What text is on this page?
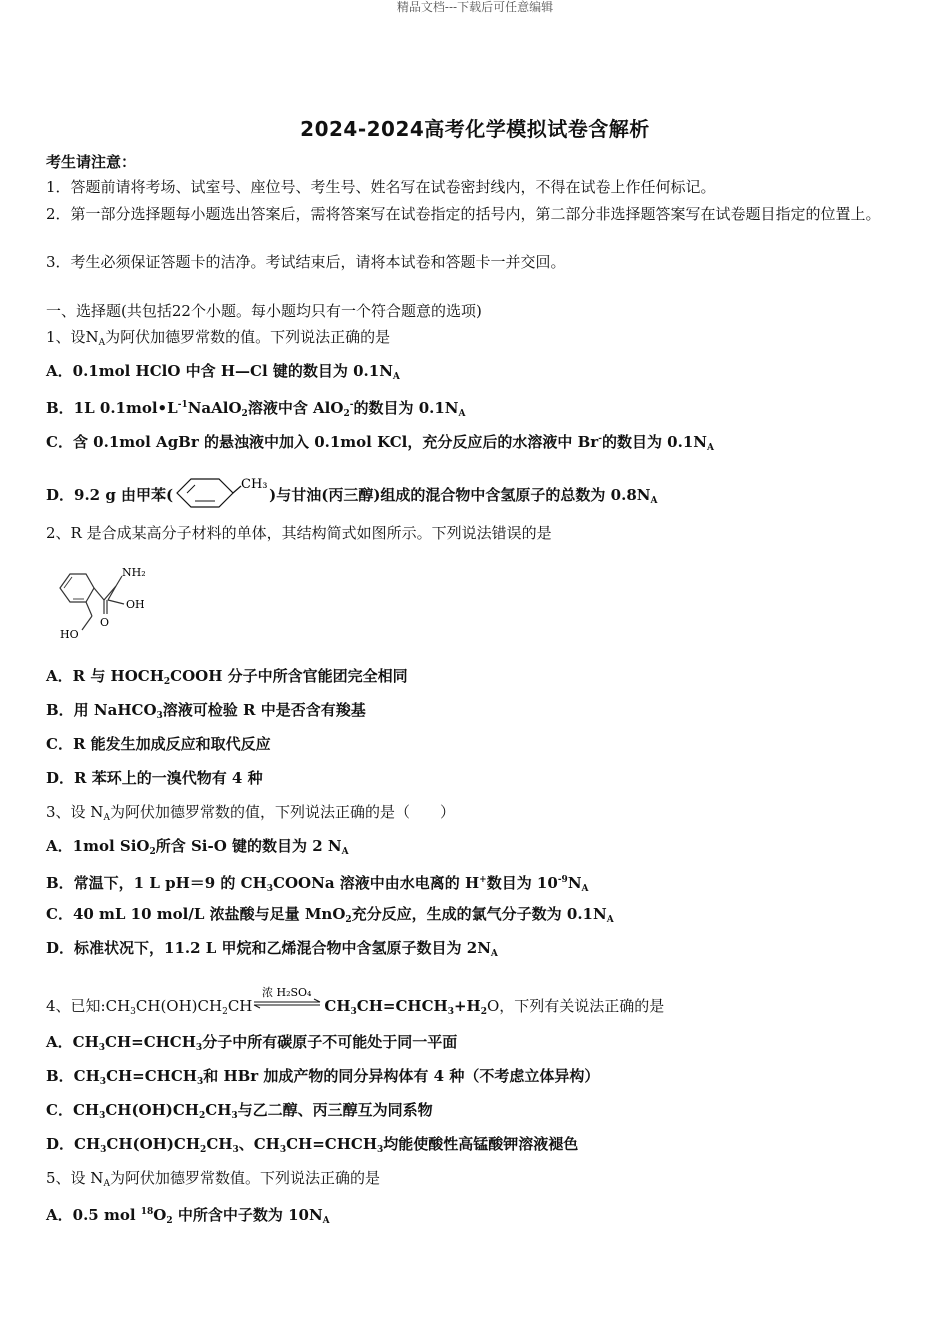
精品文档---下载后可任意编辑
2024-2024高考化学模拟试卷含解析
考生请注意：
1．答题前请将考场、试室号、座位号、考生号、姓名写在试卷密封线内，不得在试卷上作任何标记。
2．第一部分选择题每小题选出答案后，需将答案写在试卷指定的括号内，第二部分非选择题答案写在试卷题目指定的位置上。
3．考生必须保证答题卡的洁净。考试结束后，请将本试卷和答题卡一并交回。
一、选择题(共包括22个小题。每小题均只有一个符合题意的选项)
1、设$N_A$为阿伏加德罗常数的值。下列说法正确的是
A．0.1mol HClO 中含 H—Cl 键的数目为 $0.1N_A$
B．1L $0.1mol•L^{-1}NaAlO_2$溶液中含 AlO$_2$-的数目为 $0.1N_A$
C．含 0.1mol AgBr 的悬浊液中加入 0.1mol KCl，充分反应后的水溶液中 Br-的数目为 $0.1N_A$
D．9.2 g 由甲苯(
CH₃
)与甘油(丙三醇)组成的混合物中含氢原子的总数为 $0.8N_A$
2、R 是合成某高分子材料的单体，其结构简式如图所示。下列说法错误的是
NH₂
OH
O
HO
A．R 与 $HOCH_2COOH$ 分子中所含官能团完全相同
B．用 NaHCO$_3$溶液可检验 R 中是否含有羧基
C．R 能发生加成反应和取代反应
D．R 苯环上的一溴代物有 4 种
3、设 $N_A$为阿伏加德罗常数的值，下列说法正确的是（　　）
A．1mol SiO$_2$所含 Si-O 键的数目为 2 $N_A$
B．常温下，1 L pH＝9 的 $CH_3COONa$ 溶液中由水电离的 H+数目为 $10^{-9}N_A$
C．40 mL 10 mol/L 浓盐酸与足量 MnO$_2$充分反应，生成的氯气分子数为 $0.1N_A$
D．标准状况下，11.2 L 甲烷和乙烯混合物中含氢原子数目为 $2N_A$
4、已知$:CH_3CH(OH)CH_2CH$
浓 H₂SO₄
$CH_3CH=CHCH_3+H_2O$，下列有关说法正确的是
A．$CH_3CH=CHCH_3$分子中所有碳原子不可能处于同一平面
B．$CH_3CH=CHCH_3$和 HBr 加成产物的同分异构体有 4 种（不考虑立体异构）
C．$CH_3CH(OH)CH_2CH_3$与乙二醇、丙三醇互为同系物
D．$CH_3CH(OH)CH_2CH_3$、$CH_3CH=CHCH_3$均能使酸性高锰酸钾溶液褪色
5、设 $N_A$为阿伏加德罗常数值。下列说法正确的是
A．0.5 mol $^{18}O_2$ 中所含中子数为 $10N_A$
